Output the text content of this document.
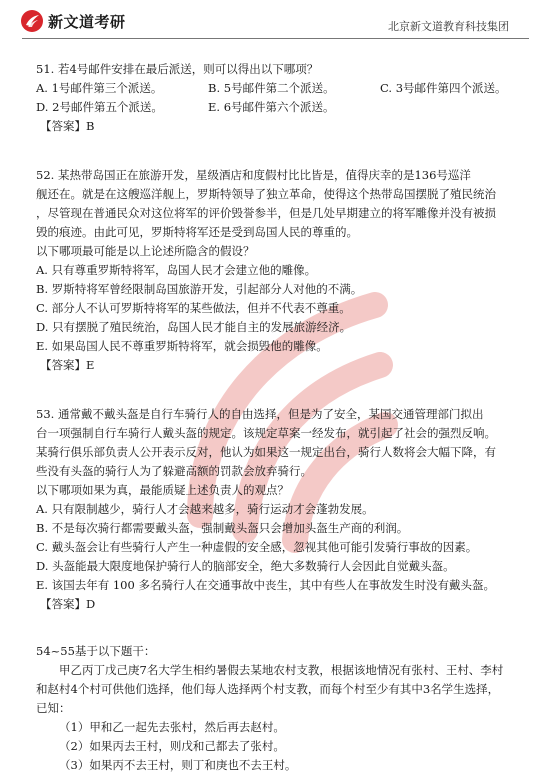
新文道考研	北京新文道教育科技集团
51. 若4号邮件安排在最后派送，则可以得出以下哪项？
A. 1号邮件第三个派送。	B. 5号邮件第二个派送。	C. 3号邮件第四个派送。
D. 2号邮件第五个派送。	E. 6号邮件第六个派送。
【答案】B
52. 某热带岛国正在旅游开发，星级酒店和度假村比比皆是，值得庆幸的是136号巡洋
舰还在。就是在这艘巡洋舰上，罗斯特领导了独立革命，使得这个热带岛国摆脱了殖民统治
，尽管现在普通民众对这位将军的评价毁誉参半，但是几处早期建立的将军雕像并没有被损
毁的痕迹。由此可见，罗斯特将军还是受到岛国人民的尊重的。
以下哪项最可能是以上论述所隐含的假设？
A. 只有尊重罗斯特将军，岛国人民才会建立他的雕像。
B. 罗斯特将军曾经限制岛国旅游开发，引起部分人对他的不满。
C. 部分人不认可罗斯特将军的某些做法，但并不代表不尊重。
D. 只有摆脱了殖民统治，岛国人民才能自主的发展旅游经济。
E. 如果岛国人民不尊重罗斯特将军，就会损毁他的雕像。
【答案】E
53. 通常戴不戴头盔是自行车骑行人的自由选择，但是为了安全，某国交通管理部门拟出
台一项强制自行车骑行人戴头盔的规定。该规定草案一经发布，就引起了社会的强烈反响。
某骑行俱乐部负责人公开表示反对，他认为如果这一规定出台，骑行人数将会大幅下降，有
些没有头盔的骑行人为了躲避高额的罚款会放弃骑行。
以下哪项如果为真，最能质疑上述负责人的观点？
A. 只有限制越少，骑行人才会越来越多，骑行运动才会蓬勃发展。
B. 不是每次骑行都需要戴头盔，强制戴头盔只会增加头盔生产商的利润。
C. 戴头盔会让有些骑行人产生一种虚假的安全感，忽视其他可能引发骑行事故的因素。
D. 头盔能最大限度地保护骑行人的脑部安全，绝大多数骑行人会因此自觉戴头盔。
E. 该国去年有 100 多名骑行人在交通事故中丧生，其中有些人在事故发生时没有戴头盔。
【答案】D
54~55基于以下题干：
甲乙丙丁戊己庚7名大学生相约暑假去某地农村支教，根据该地情况有张村、王村、李村
和赵村4个村可供他们选择，他们每人选择两个村支教，而每个村至少有其中3名学生选择，
已知：
（1）甲和乙一起先去张村，然后再去赵村。
（2）如果丙去王村，则戊和己都去了张村。
（3）如果丙不去王村，则丁和庚也不去王村。
